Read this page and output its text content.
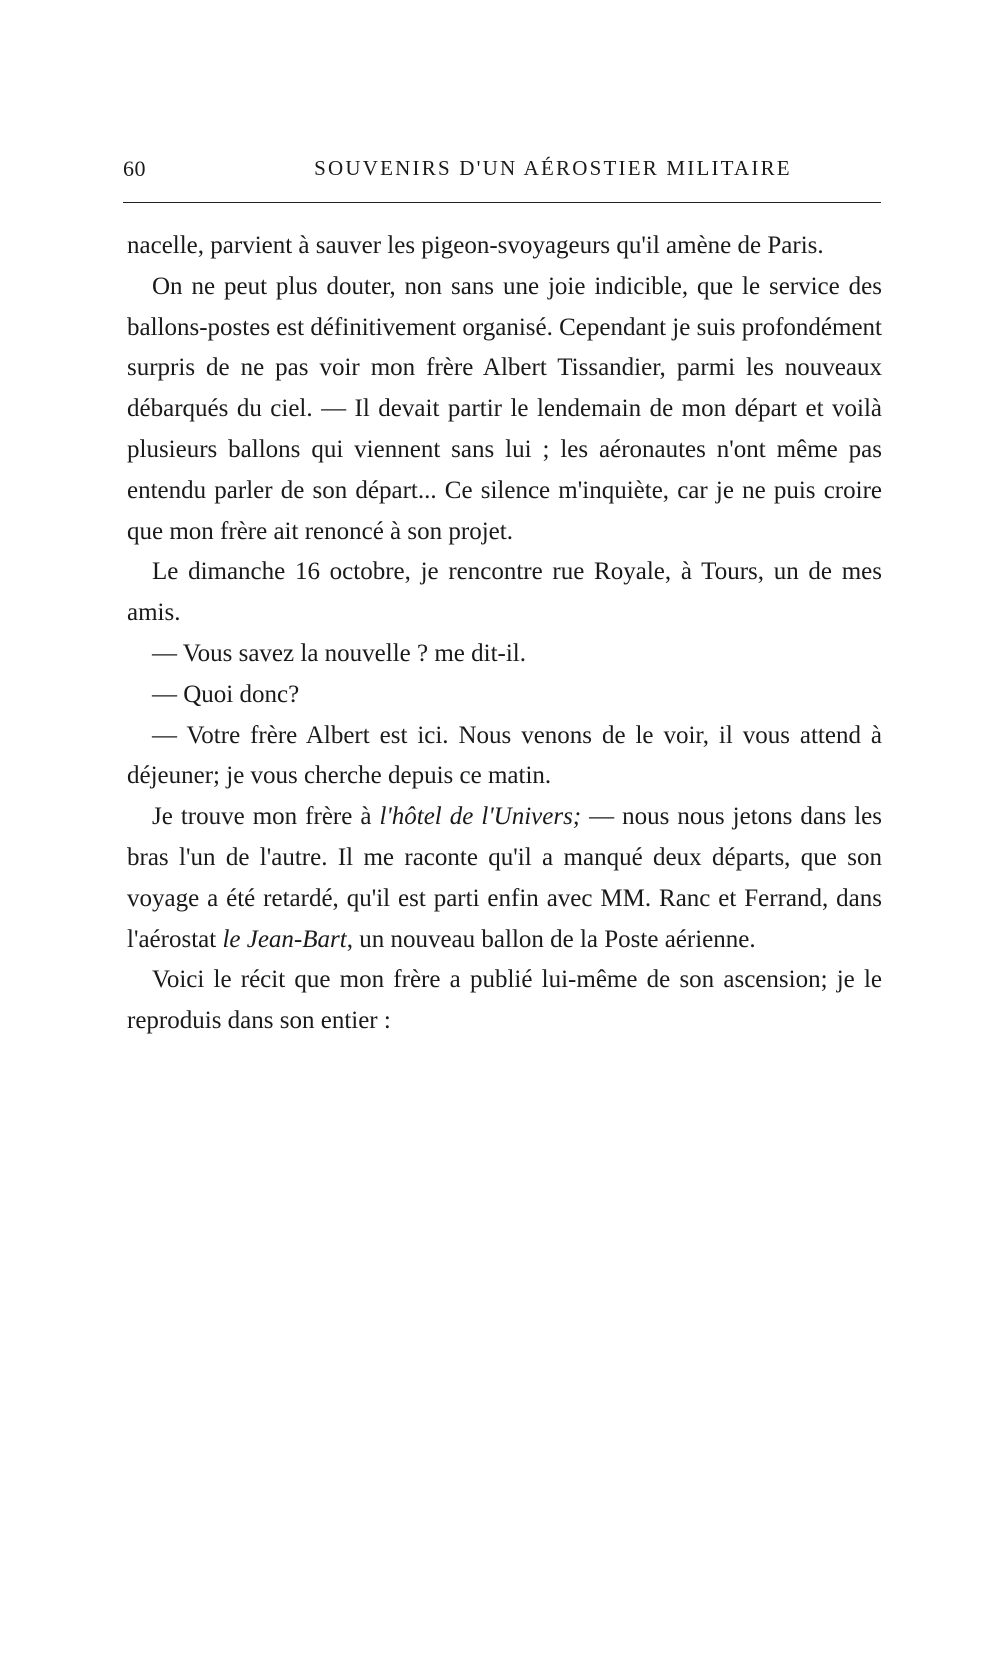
60	SOUVENIRS D'UN AÉROSTIER MILITAIRE

nacelle, parvient à sauver les pigeon-svoyageurs qu'il amène de Paris.

On ne peut plus douter, non sans une joie indicible, que le service des ballons-postes est définitivement organisé. Cependant je suis profondément surpris de ne pas voir mon frère Albert Tissandier, parmi les nouveaux débarqués du ciel. — Il devait partir le lendemain de mon départ et voilà plusieurs ballons qui viennent sans lui ; les aéronautes n'ont même pas entendu parler de son départ... Ce silence m'inquiète, car je ne puis croire que mon frère ait renoncé à son projet.

Le dimanche 16 octobre, je rencontre rue Royale, à Tours, un de mes amis.

— Vous savez la nouvelle ? me dit-il.

— Quoi donc?

— Votre frère Albert est ici. Nous venons de le voir, il vous attend à déjeuner; je vous cherche depuis ce matin.

Je trouve mon frère à l'hôtel de l'Univers; — nous nous jetons dans les bras l'un de l'autre. Il me raconte qu'il a manqué deux départs, que son voyage a été retardé, qu'il est parti enfin avec MM. Ranc et Ferrand, dans l'aérostat le Jean-Bart, un nouveau ballon de la Poste aérienne.

Voici le récit que mon frère a publié lui-même de son ascension; je le reproduis dans son entier :
